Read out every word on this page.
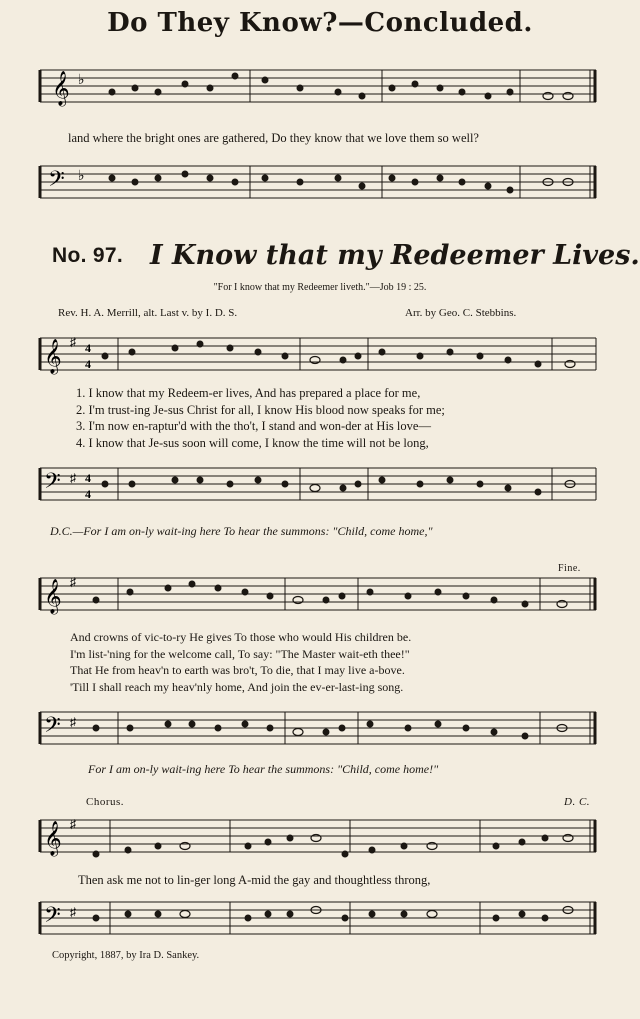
Do They Know?—Concluded.
𝄞 ♭
land where the bright ones are gathered, Do they know that we love them so well?
𝄢 ♭
No. 97. I Know that my Redeemer Lives.
"For I know that my Redeemer liveth."—Job 19 : 25.
Rev. H. A. Merrill, alt. Last v. by I. D. S.	Arr. by Geo. C. Stebbins.
𝄞 ♯ 4
4
1. I know that my Redeem-er lives, And has prepared a place for me,
2. I'm trust-ing Je-sus Christ for all, I know His blood now speaks for me;
3. I'm now en-raptur'd with the tho't, I stand and won-der at His love—
4. I know that Je-sus soon will come, I know the time will not be long,
𝄢 ♯ 4
4
D.C.—For I am on-ly wait-ing here To hear the summons: "Child, come home,"
𝄞 ♯
Fine.
And crowns of vic-to-ry He gives To those who would His children be.
I'm list-'ning for the welcome call, To say: "The Master wait-eth thee!"
That He from heav'n to earth was bro't, To die, that I may live a-bove.
'Till I shall reach my heav'nly home, And join the ev-er-last-ing song.
𝄢 ♯
For I am on-ly wait-ing here To hear the summons: "Child, come home!"
Chorus.	D. C.
𝄞 ♯
Then ask me not to lin-ger long A-mid the gay and thoughtless throng,
𝄢 ♯
Copyright, 1887, by Ira D. Sankey.
